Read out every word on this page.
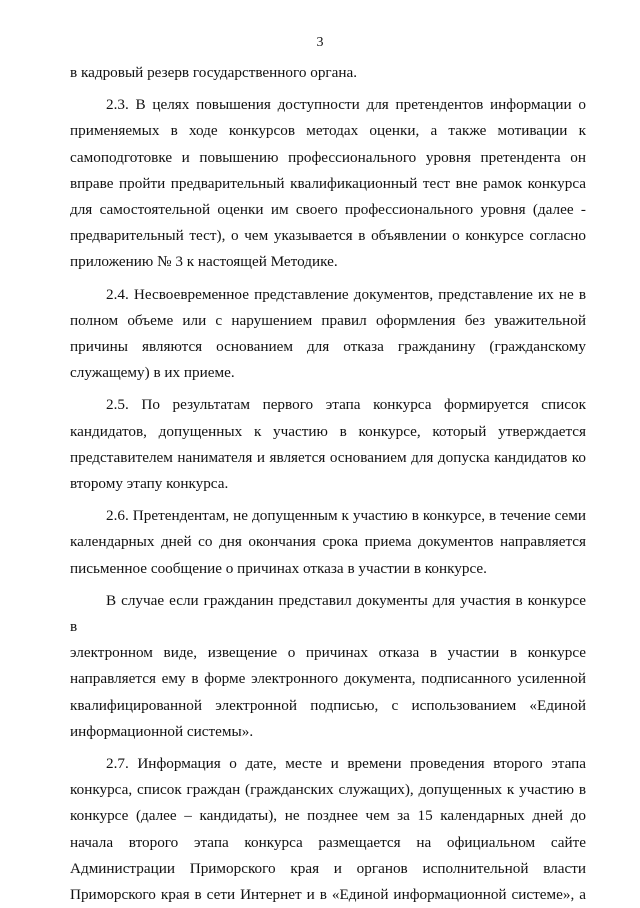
3
в кадровый резерв государственного органа.
2.3. В целях повышения доступности для претендентов информации о
применяемых в ходе конкурсов методах оценки, а также мотивации к
самоподготовке и повышению профессионального уровня претендента он
вправе пройти предварительный квалификационный тест вне рамок конкурса
для самостоятельной оценки им своего профессионального уровня (далее -
предварительный тест), о чем указывается в объявлении о конкурсе согласно
приложению № 3 к настоящей Методике.
2.4. Несвоевременное представление документов, представление их не в
полном объеме или с нарушением правил оформления без уважительной
причины являются основанием для отказа гражданину (гражданскому
служащему) в их приеме.
2.5. По результатам первого этапа конкурса формируется список
кандидатов, допущенных к участию в конкурсе, который утверждается
представителем нанимателя и является основанием для допуска кандидатов ко
второму этапу конкурса.
2.6. Претендентам, не допущенным к участию в конкурсе, в течение семи
календарных дней со дня окончания срока приема документов направляется
письменное сообщение о причинах отказа в участии в конкурсе.
В случае если гражданин представил документы для участия в конкурсе в
электронном виде, извещение о причинах отказа в участии в конкурсе
направляется ему в форме электронного документа, подписанного усиленной
квалифицированной электронной подписью, с использованием «Единой
информационной системы».
2.7. Информация о дате, месте и времени проведения второго этапа
конкурса, список граждан (гражданских служащих), допущенных к участию в
конкурсе (далее – кандидаты), не позднее чем за 15 календарных дней до
начала второго этапа конкурса размещается на официальном сайте
Администрации Приморского края и органов исполнительной власти
Приморского края в сети Интернет и в «Единой информационной системе», а
